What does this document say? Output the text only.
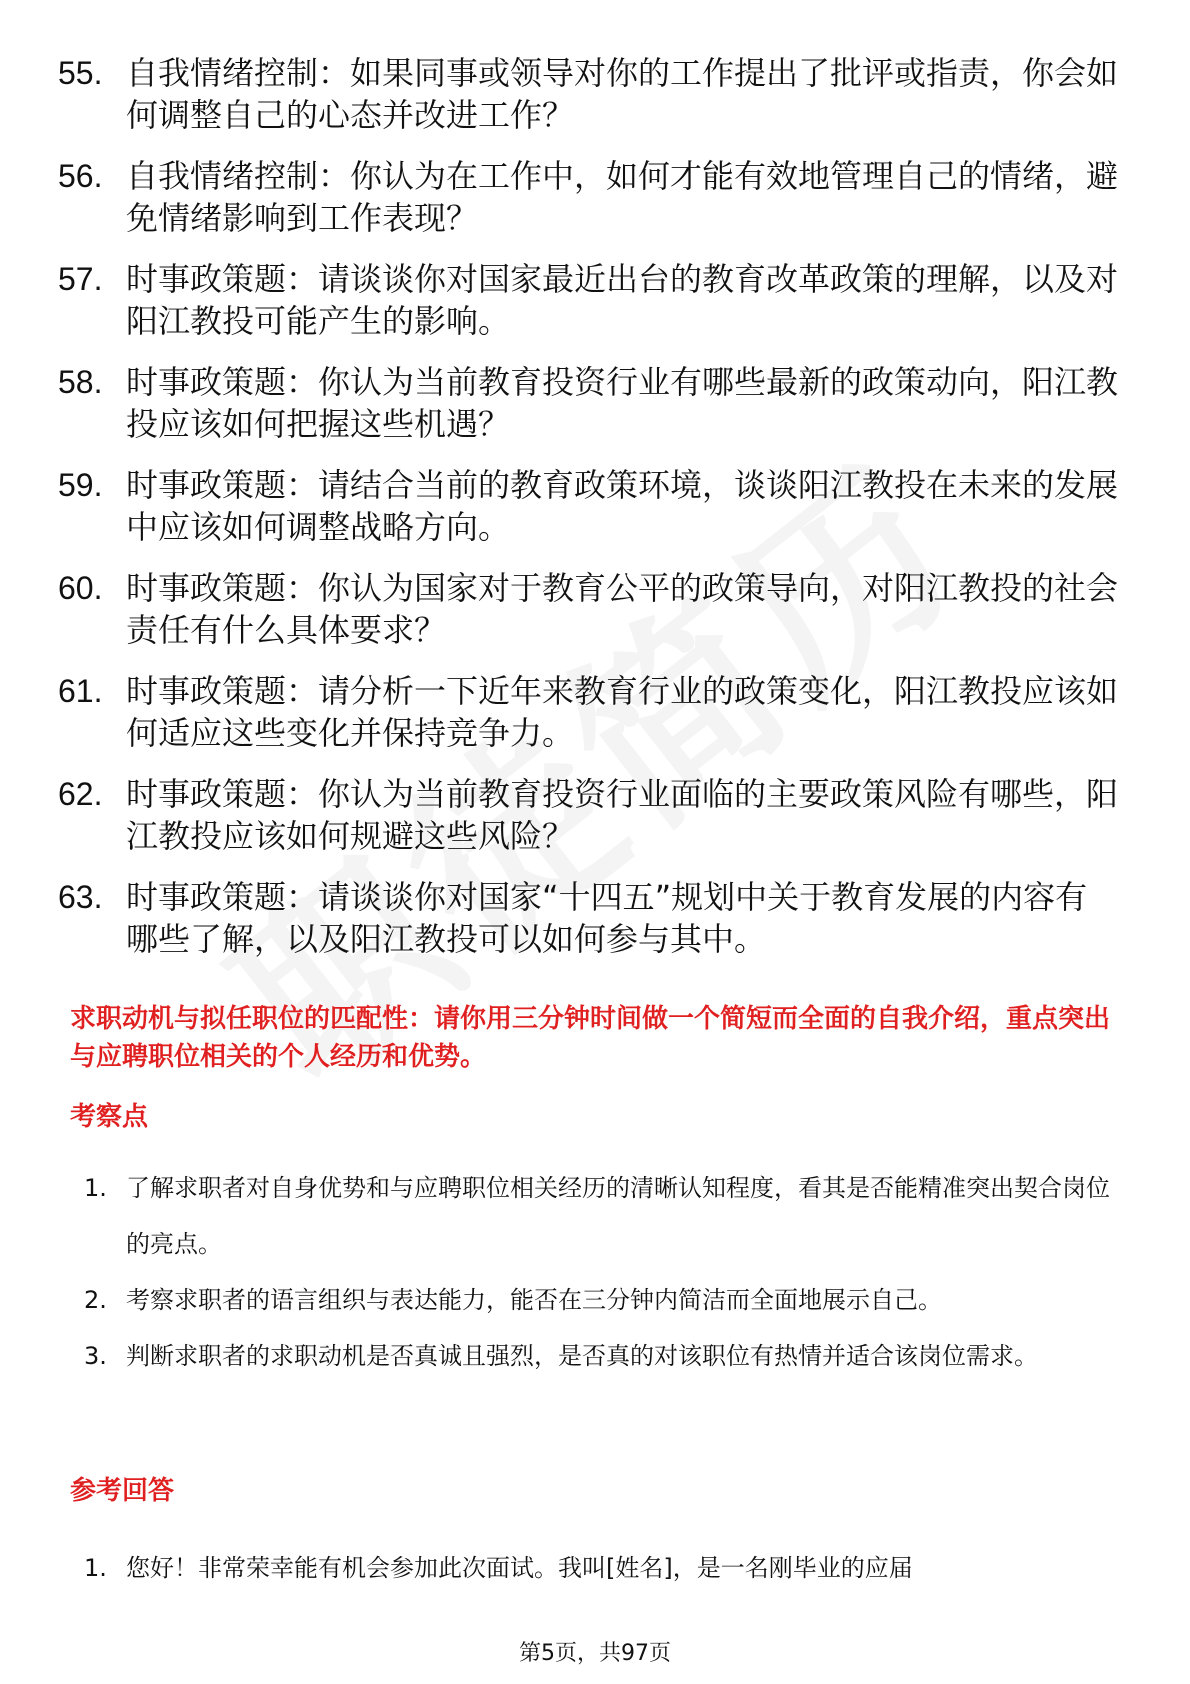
55. 自我情绪控制：如果同事或领导对你的工作提出了批评或指责，你会如何调整自己的心态并改进工作？
56. 自我情绪控制：你认为在工作中，如何才能有效地管理自己的情绪，避免情绪影响到工作表现？
57. 时事政策题：请谈谈你对国家最近出台的教育改革政策的理解，以及对阳江教投可能产生的影响。
58. 时事政策题：你认为当前教育投资行业有哪些最新的政策动向，阳江教投应该如何把握这些机遇？
59. 时事政策题：请结合当前的教育政策环境，谈谈阳江教投在未来的发展中应该如何调整战略方向。
60. 时事政策题：你认为国家对于教育公平的政策导向，对阳江教投的社会责任有什么具体要求？
61. 时事政策题：请分析一下近年来教育行业的政策变化，阳江教投应该如何适应这些变化并保持竞争力。
62. 时事政策题：你认为当前教育投资行业面临的主要政策风险有哪些，阳江教投应该如何规避这些风险？
63. 时事政策题：请谈谈你对国家“十四五”规划中关于教育发展的内容有哪些了解，以及阳江教投可以如何参与其中。
求职动机与拟任职位的匹配性：请你用三分钟时间做一个简短而全面的自我介绍，重点突出与应聘职位相关的个人经历和优势。
考察点
1. 了解求职者对自身优势和与应聘职位相关经历的清晰认知程度，看其是否能精准突出契合岗位的亮点。
2. 考察求职者的语言组织与表达能力，能否在三分钟内简洁而全面地展示自己。
3. 判断求职者的求职动机是否真诚且强烈，是否真的对该职位有热情并适合该岗位需求。
参考回答
1. 您好！非常荣幸能有机会参加此次面试。我叫[姓名]，是一名刚毕业的应届
第5页，共97页
